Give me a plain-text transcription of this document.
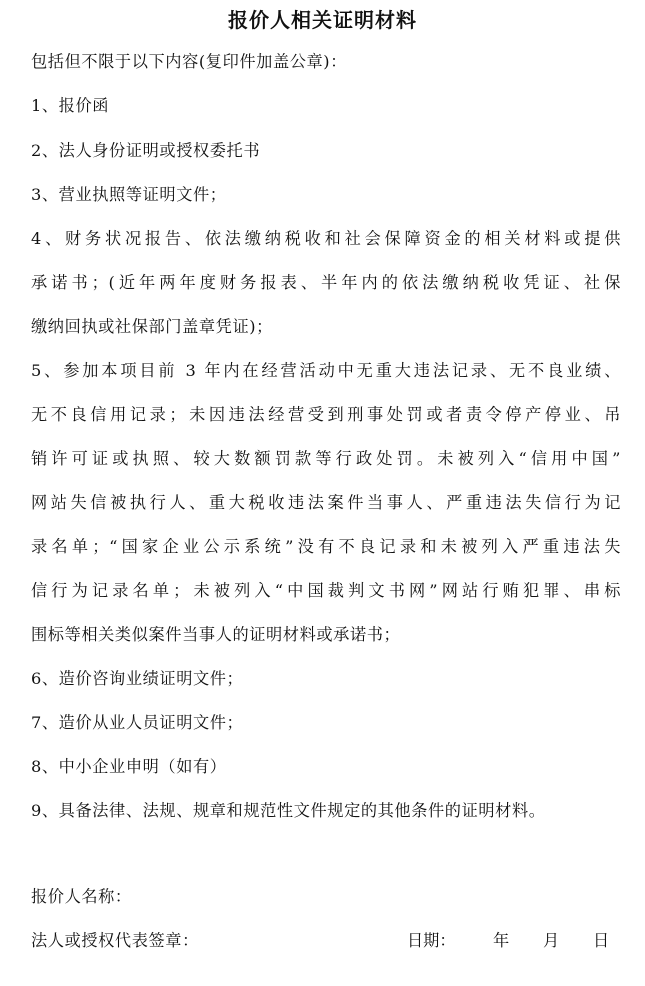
报价人相关证明材料
包括但不限于以下内容(复印件加盖公章)：
1、报价函
2、法人身份证明或授权委托书
3、营业执照等证明文件；
4、财务状况报告、依法缴纳税收和社会保障资金的相关材料或提供
承诺书；(近年两年度财务报表、半年内的依法缴纳税收凭证、社保
缴纳回执或社保部门盖章凭证)；
5、参加本项目前 3 年内在经营活动中无重大违法记录、无不良业绩、
无不良信用记录；未因违法经营受到刑事处罚或者责令停产停业、吊
销许可证或执照、较大数额罚款等行政处罚。未被列入“信用中国”
网站失信被执行人、重大税收违法案件当事人、严重违法失信行为记
录名单；“国家企业公示系统”没有不良记录和未被列入严重违法失
信行为记录名单；未被列入“中国裁判文书网”网站行贿犯罪、串标
围标等相关类似案件当事人的证明材料或承诺书；
6、造价咨询业绩证明文件；
7、造价从业人员证明文件；
8、中小企业申明（如有）
9、具备法律、法规、规章和规范性文件规定的其他条件的证明材料。
报价人名称：
法人或授权代表签章：	日期： 年 月 日
